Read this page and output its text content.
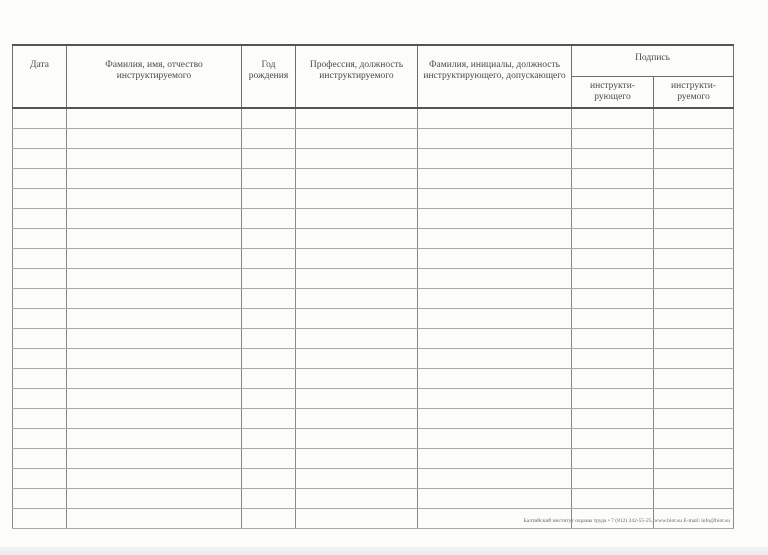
Дата	Фамилия, имя, отчество инструктируемого	Год рождения	Профессия, должность инструктируемого	Фамилия, инициалы, должность инструктирующего, допускающего	Подпись	
					инструкти-рующего	инструкти-руемого

Балтийский институт охраны труда • 7 (812) 242-55-25, www.biot.su E-mail: info@biot.su
